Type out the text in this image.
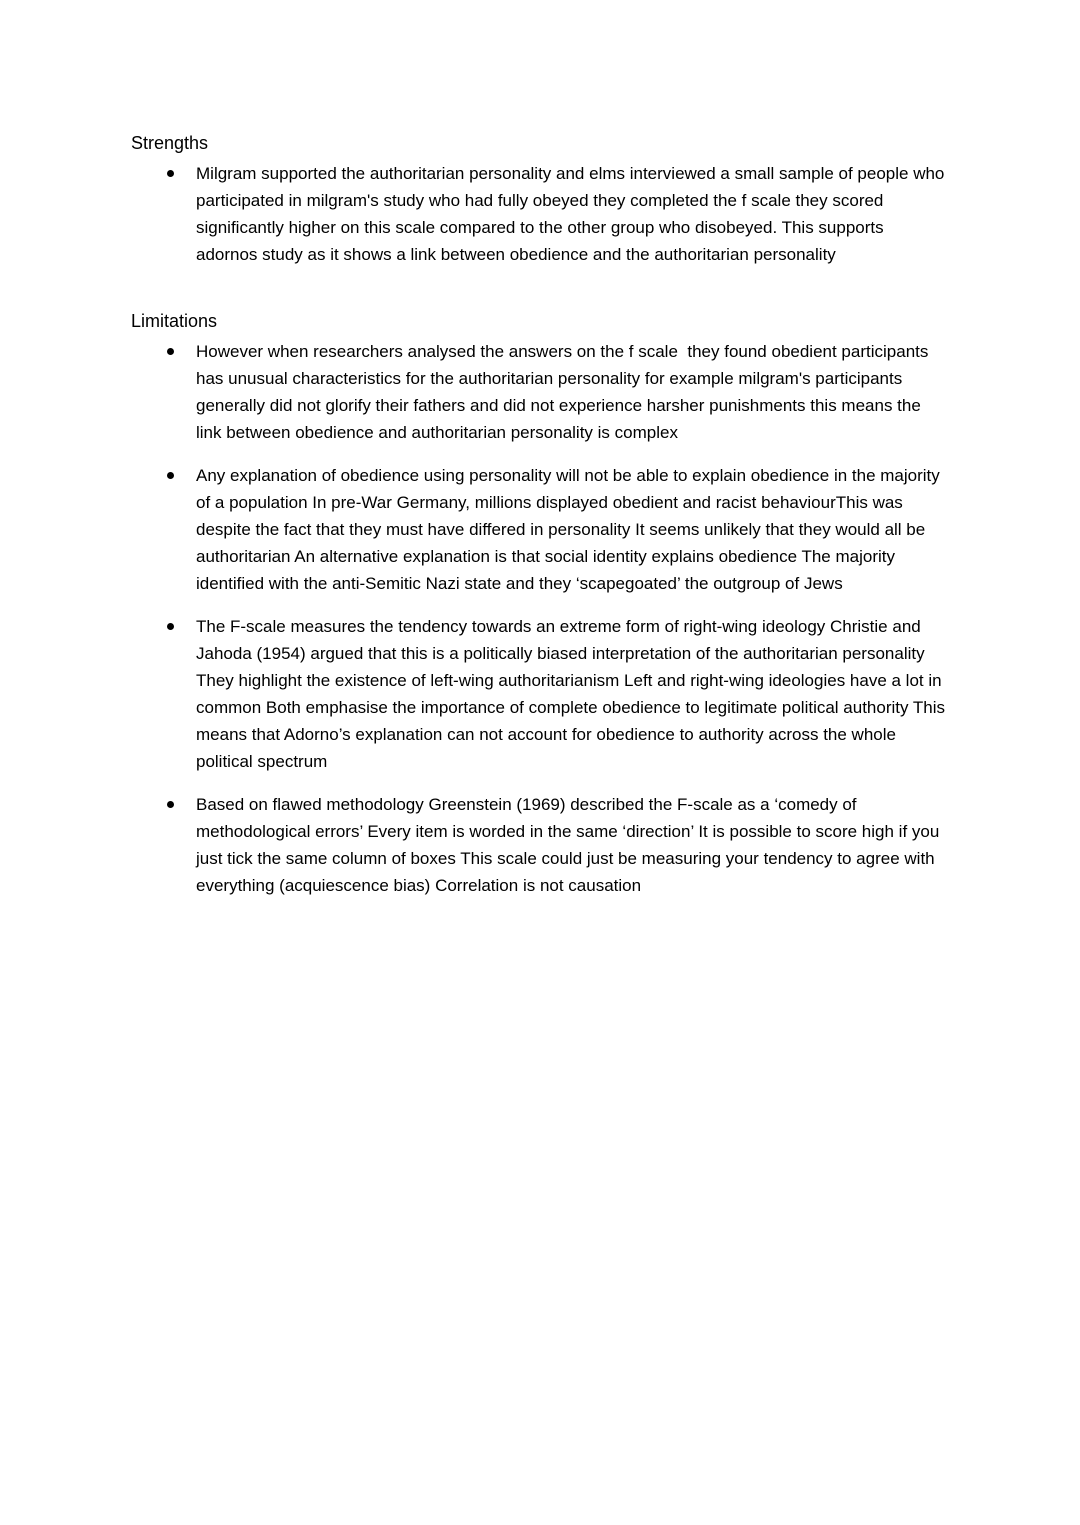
Strengths
Milgram supported the authoritarian personality and elms interviewed a small sample of people who participated in milgram's study who had fully obeyed they completed the f scale they scored significantly higher on this scale compared to the other group who disobeyed. This supports adornos study as it shows a link between obedience and the authoritarian personality
Limitations
However when researchers analysed the answers on the f scale  they found obedient participants has unusual characteristics for the authoritarian personality for example milgram's participants generally did not glorify their fathers and did not experience harsher punishments this means the link between obedience and authoritarian personality is complex
Any explanation of obedience using personality will not be able to explain obedience in the majority of a population In pre-War Germany, millions displayed obedient and racist behaviourThis was despite the fact that they must have differed in personality It seems unlikely that they would all be authoritarian An alternative explanation is that social identity explains obedience The majority identified with the anti-Semitic Nazi state and they ‘scapegoated’ the outgroup of Jews
The F-scale measures the tendency towards an extreme form of right-wing ideology Christie and Jahoda (1954) argued that this is a politically biased interpretation of the authoritarian personality They highlight the existence of left-wing authoritarianism Left and right-wing ideologies have a lot in common Both emphasise the importance of complete obedience to legitimate political authority This means that Adorno’s explanation can not account for obedience to authority across the whole political spectrum
Based on flawed methodology Greenstein (1969) described the F-scale as a ‘comedy of methodological errors’ Every item is worded in the same ‘direction’ It is possible to score high if you just tick the same column of boxes This scale could just be measuring your tendency to agree with everything (acquiescence bias) Correlation is not causation
